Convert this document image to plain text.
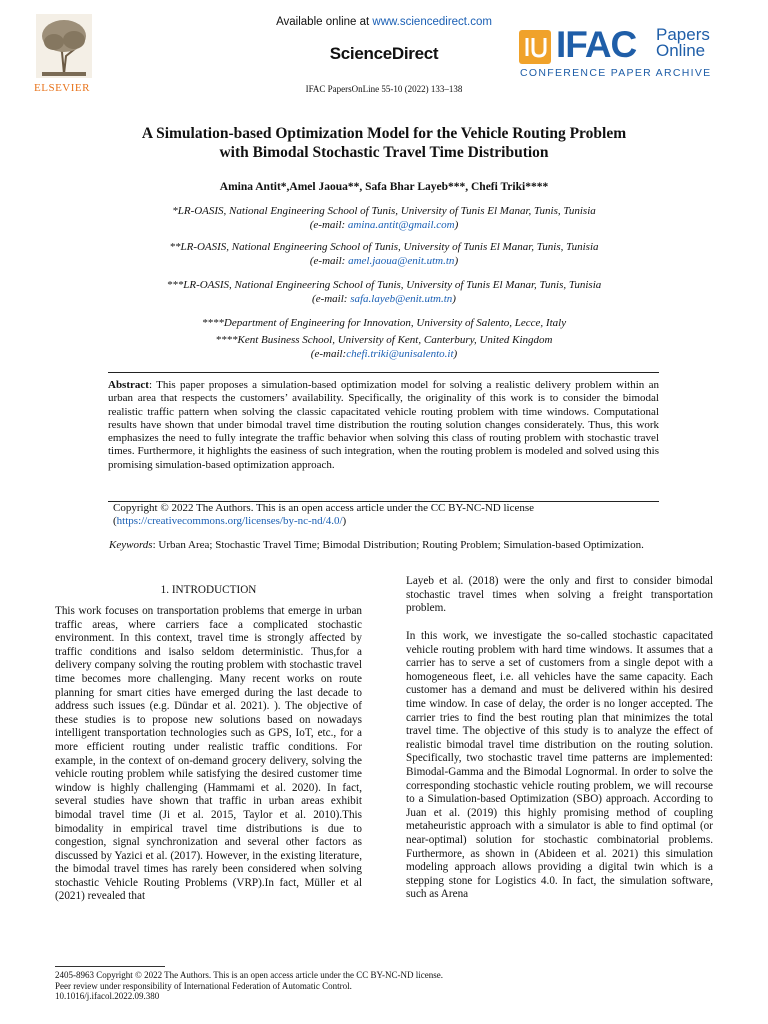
ELSEVIER
Available online at www.sciencedirect.com
ScienceDirect
IFAC PapersOnLine 55-10 (2022) 133–138
IFAC Papers
Online
CONFERENCE PAPER ARCHIVE
A Simulation-based Optimization Model for the Vehicle Routing Problem
with Bimodal Stochastic Travel Time Distribution
Amina Antit*,Amel Jaoua**, Safa Bhar Layeb***, Chefi Triki****
*LR-OASIS, National Engineering School of Tunis, University of Tunis El Manar, Tunis, Tunisia
(e-mail: amina.antit@gmail.com)
**LR-OASIS, National Engineering School of Tunis, University of Tunis El Manar, Tunis, Tunisia
(e-mail: amel.jaoua@enit.utm.tn)
***LR-OASIS, National Engineering School of Tunis, University of Tunis El Manar, Tunis, Tunisia
(e-mail: safa.layeb@enit.utm.tn)
****Department of Engineering for Innovation, University of Salento, Lecce, Italy
****Kent Business School, University of Kent, Canterbury, United Kingdom
(e-mail:chefi.triki@unisalento.it)
Abstract: This paper proposes a simulation-based optimization model for solving a realistic delivery problem within an urban area that respects the customers’ availability. Specifically, the originality of this work is to consider the bimodal realistic traffic pattern when solving the classic capacitated vehicle routing problem with time windows. Computational results have shown that under bimodal travel time distribution the routing solution changes considerately. Thus, this work emphasizes the need to fully integrate the traffic behavior when solving this class of routing problem with stochastic travel times. Furthermore, it highlights the easiness of such integration, when the routing problem is modeled and solved using this promising simulation-based optimization approach.
Copyright © 2022 The Authors. This is an open access article under the CC BY-NC-ND license
(https://creativecommons.org/licenses/by-nc-nd/4.0/)
Keywords: Urban Area; Stochastic Travel Time; Bimodal Distribution; Routing Problem; Simulation-based Optimization.
1. INTRODUCTION
This work focuses on transportation problems that emerge in urban traffic areas, where carriers face a complicated stochastic environment. In this context, travel time is strongly affected by traffic conditions and isalso seldom deterministic. Thus,for a delivery company solving the routing problem with stochastic travel time becomes more challenging. Many recent works on route planning for smart cities have emerged during the last decade to address such issues (e.g. Dündar et al. 2021). ). The objective of these studies is to propose new solutions based on nowadays intelligent transportation technologies such as GPS, IoT, etc., for a more efficient routing under realistic traffic conditions. For example, in the context of on-demand grocery delivery, solving the vehicle routing problem while satisfying the desired customer time window is highly challenging (Hammami et al. 2020). In fact, several studies have shown that traffic in urban areas exhibit bimodal travel time (Ji et al. 2015, Taylor et al. 2010).This bimodality in empirical travel time distributions is due to congestion, signal synchronization and several other factors as discussed by Yazici et al. (2017). However, in the existing literature, the bimodal travel times has rarely been considered when solving stochastic Vehicle Routing Problems (VRP).In fact, Müller et al (2021) revealed that
Layeb et al. (2018) were the only and first to consider bimodal stochastic travel times when solving a freight transportation problem.
In this work, we investigate the so-called stochastic capacitated vehicle routing problem with hard time windows. It assumes that a carrier has to serve a set of customers from a single depot with a homogeneous fleet, i.e. all vehicles have the same capacity. Each customer has a demand and must be delivered within his desired time window. In case of delay, the order is no longer accepted. The carrier tries to find the best routing plan that minimizes the total travel time. The objective of this study is to analyze the effect of realistic bimodal travel time distribution on the routing solution. Specifically, two stochastic travel time patterns are implemented: Bimodal-Gamma and the Bimodal Lognormal. In order to solve the corresponding stochastic vehicle routing problem, we will recourse to a Simulation-based Optimization (SBO) approach. According to Juan et al. (2019) this highly promising method of coupling metaheuristic approach with a simulator is able to find optimal (or near-optimal) solution for stochastic combinatorial problems. Furthermore, as shown in (Abideen et al. 2021) this simulation modeling approach allows providing a digital twin which is a stepping stone for Logistics 4.0. In fact, the simulation software, such as Arena
2405-8963 Copyright © 2022 The Authors. This is an open access article under the CC BY-NC-ND license.
Peer review under responsibility of International Federation of Automatic Control.
10.1016/j.ifacol.2022.09.380
